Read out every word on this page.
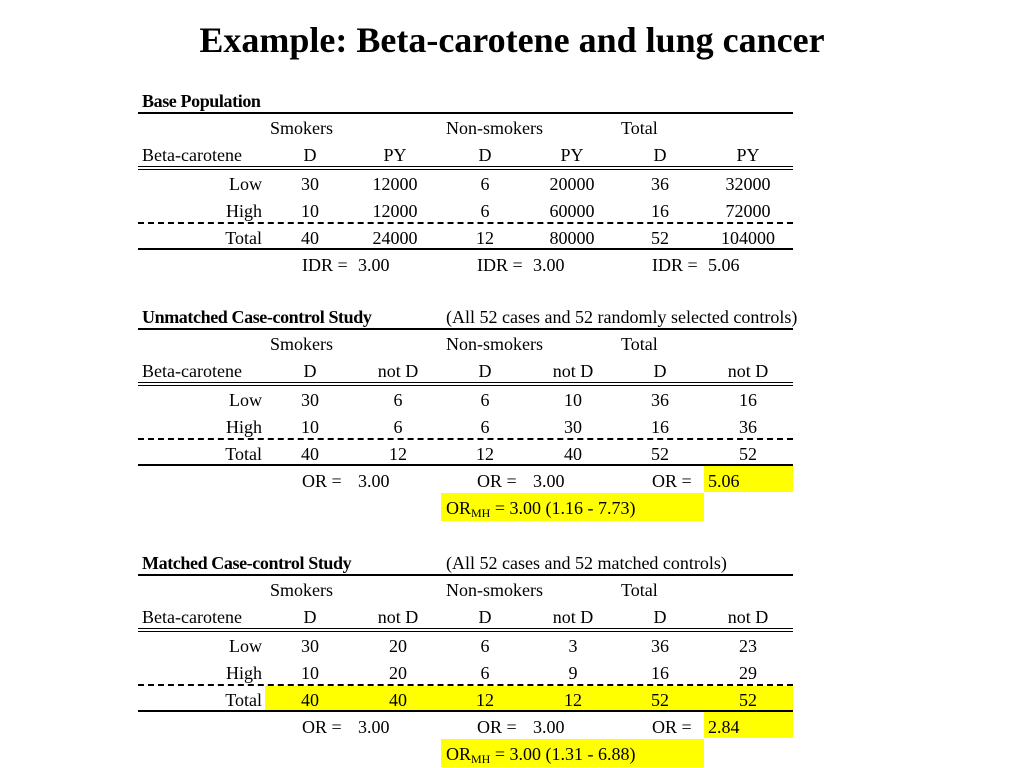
Example: Beta-carotene and lung cancer
Base Population
Smokers	Non-smokers	Total
Beta-carotene	D	PY	D	PY	D	PY
Low	30	12000	6	20000	36	32000
High	10	12000	6	60000	16	72000
Total	40	24000	12	80000	52	104000
IDR = 3.00	IDR = 3.00	IDR = 5.06
Unmatched Case-control Study	(All 52 cases and 52 randomly selected controls)
Smokers	Non-smokers	Total
Beta-carotene	D	not D	D	not D	D	not D
Low	30	6	6	10	36	16
High	10	6	6	30	16	36
Total	40	12	12	40	52	52
OR = 3.00	OR = 3.00	OR = 5.06
$OR_{MH} = 3.00$ (1.16 - 7.73)
Matched Case-control Study	(All 52 cases and 52 matched controls)
Smokers	Non-smokers	Total
Beta-carotene	D	not D	D	not D	D	not D
Low	30	20	6	3	36	23
High	10	20	6	9	16	29
Total	40	40	12	12	52	52
OR = 3.00	OR = 3.00	OR = 2.84
$OR_{MH} = 3.00$ (1.31 - 6.88)
